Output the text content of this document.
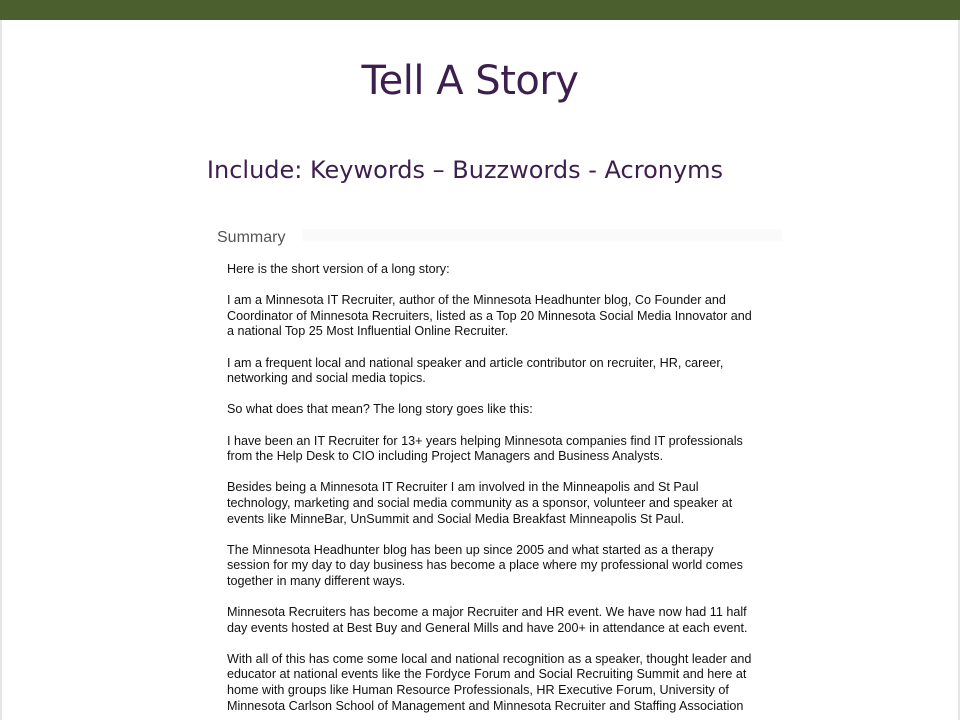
Tell A Story
Include: Keywords – Buzzwords - Acronyms
Summary

Here is the short version of a long story:

I am a Minnesota IT Recruiter, author of the Minnesota Headhunter blog, Co Founder and
Coordinator of Minnesota Recruiters, listed as a Top 20 Minnesota Social Media Innovator and
a national Top 25 Most Influential Online Recruiter.

I am a frequent local and national speaker and article contributor on recruiter, HR, career,
networking and social media topics.

So what does that mean? The long story goes like this:

I have been an IT Recruiter for 13+ years helping Minnesota companies find IT professionals
from the Help Desk to CIO including Project Managers and Business Analysts.

Besides being a Minnesota IT Recruiter I am involved in the Minneapolis and St Paul
technology, marketing and social media community as a sponsor, volunteer and speaker at
events like MinneBar, UnSummit and Social Media Breakfast Minneapolis St Paul.

The Minnesota Headhunter blog has been up since 2005 and what started as a therapy
session for my day to day business has become a place where my professional world comes
together in many different ways.

Minnesota Recruiters has become a major Recruiter and HR event. We have now had 11 half
day events hosted at Best Buy and General Mills and have 200+ in attendance at each event.

With all of this has come some local and national recognition as a speaker, thought leader and
educator at national events like the Fordyce Forum and Social Recruiting Summit and here at
home with groups like Human Resource Professionals, HR Executive Forum, University of
Minnesota Carlson School of Management and Minnesota Recruiter and Staffing Association
